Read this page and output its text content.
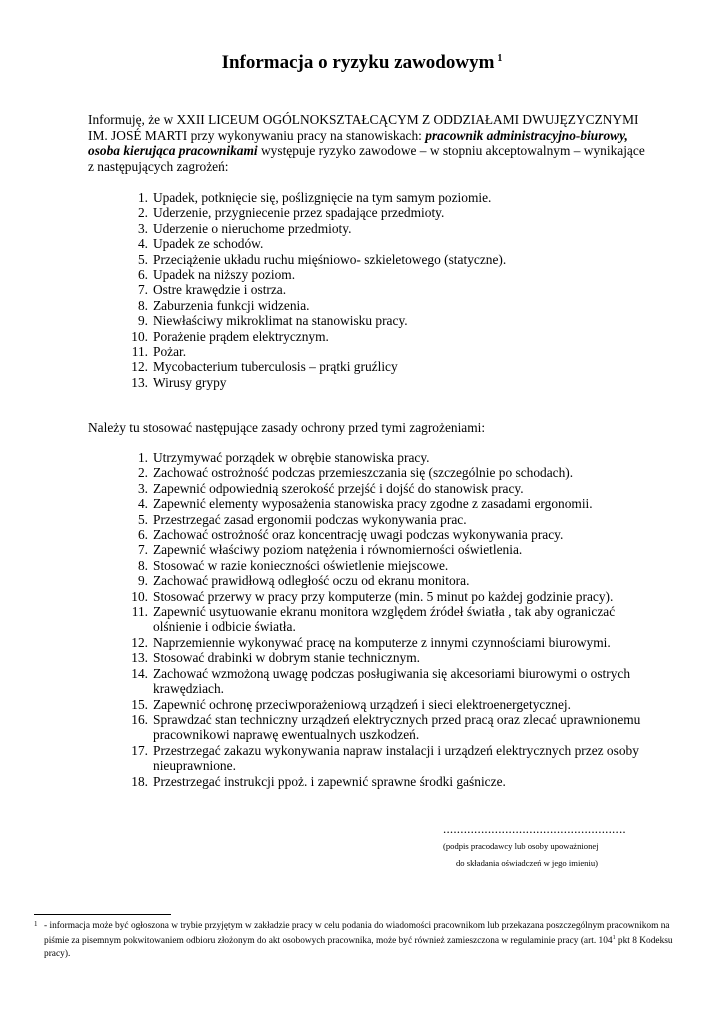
Informacja o ryzyku zawodowym $^1$
Informuję, że w XXII LICEUM OGÓLNOKSZTAŁCĄCYM Z ODDZIAŁAMI DWUJĘZYCZNYMI IM. JOSÉ MARTI przy wykonywaniu pracy na stanowiskach: pracownik administracyjno-biurowy, osoba kierująca pracownikami występuje ryzyko zawodowe – w stopniu akceptowalnym – wynikające z następujących zagrożeń:
1. Upadek, potknięcie się, poślizgnięcie na tym samym poziomie.
2. Uderzenie, przygniecenie przez spadające przedmioty.
3. Uderzenie o nieruchome przedmioty.
4. Upadek ze schodów.
5. Przeciążenie układu ruchu mięśniowo- szkieletowego (statyczne).
6. Upadek na niższy poziom.
7. Ostre krawędzie i ostrza.
8. Zaburzenia funkcji widzenia.
9. Niewłaściwy mikroklimat na stanowisku pracy.
10. Porażenie prądem elektrycznym.
11. Pożar.
12. Mycobacterium tuberculosis – prątki gruźlicy
13. Wirusy grypy
Należy tu stosować następujące zasady ochrony przed tymi zagrożeniami:
1. Utrzymywać porządek w obrębie stanowiska pracy.
2. Zachować ostrożność podczas przemieszczania się (szczególnie po schodach).
3. Zapewnić odpowiednią szerokość przejść i dojść do stanowisk pracy.
4. Zapewnić elementy wyposażenia stanowiska pracy zgodne z zasadami ergonomii.
5. Przestrzegać zasad ergonomii podczas wykonywania prac.
6. Zachować ostrożność oraz koncentrację uwagi podczas wykonywania pracy.
7. Zapewnić właściwy poziom natężenia i równomierności oświetlenia.
8. Stosować w razie konieczności oświetlenie miejscowe.
9. Zachować prawidłową odległość oczu od ekranu monitora.
10. Stosować przerwy w pracy przy komputerze (min. 5 minut po każdej godzinie pracy).
11. Zapewnić usytuowanie ekranu monitora względem źródeł światła , tak aby ograniczać olśnienie i odbicie światła.
12. Naprzemiennie wykonywać pracę na komputerze z innymi czynnościami biurowymi.
13. Stosować drabinki w dobrym stanie technicznym.
14. Zachować wzmożoną uwagę podczas posługiwania się akcesoriami biurowymi o ostrych krawędziach.
15. Zapewnić ochronę przeciwporażeniową urządzeń i sieci elektroenergetycznej.
16. Sprawdzać stan techniczny urządzeń elektrycznych przed pracą oraz zlecać uprawnionemu pracownikowi naprawę ewentualnych uszkodzeń.
17. Przestrzegać zakazu wykonywania napraw instalacji i urządzeń elektrycznych przez osoby nieuprawnione.
18. Przestrzegać instrukcji ppoż. i zapewnić sprawne środki gaśnicze.
.....................................................
(podpis pracodawcy lub osoby upoważnionej
do składania oświadczeń w jego imieniu)
1 - informacja może być ogłoszona w trybie przyjętym w zakładzie pracy w celu podania do wiadomości pracownikom lub przekazana poszczególnym pracownikom na piśmie za pisemnym pokwitowaniem odbioru złożonym do akt osobowych pracownika, może być również zamieszczona w regulaminie pracy (art. $104^1$ pkt 8 Kodeksu pracy).
